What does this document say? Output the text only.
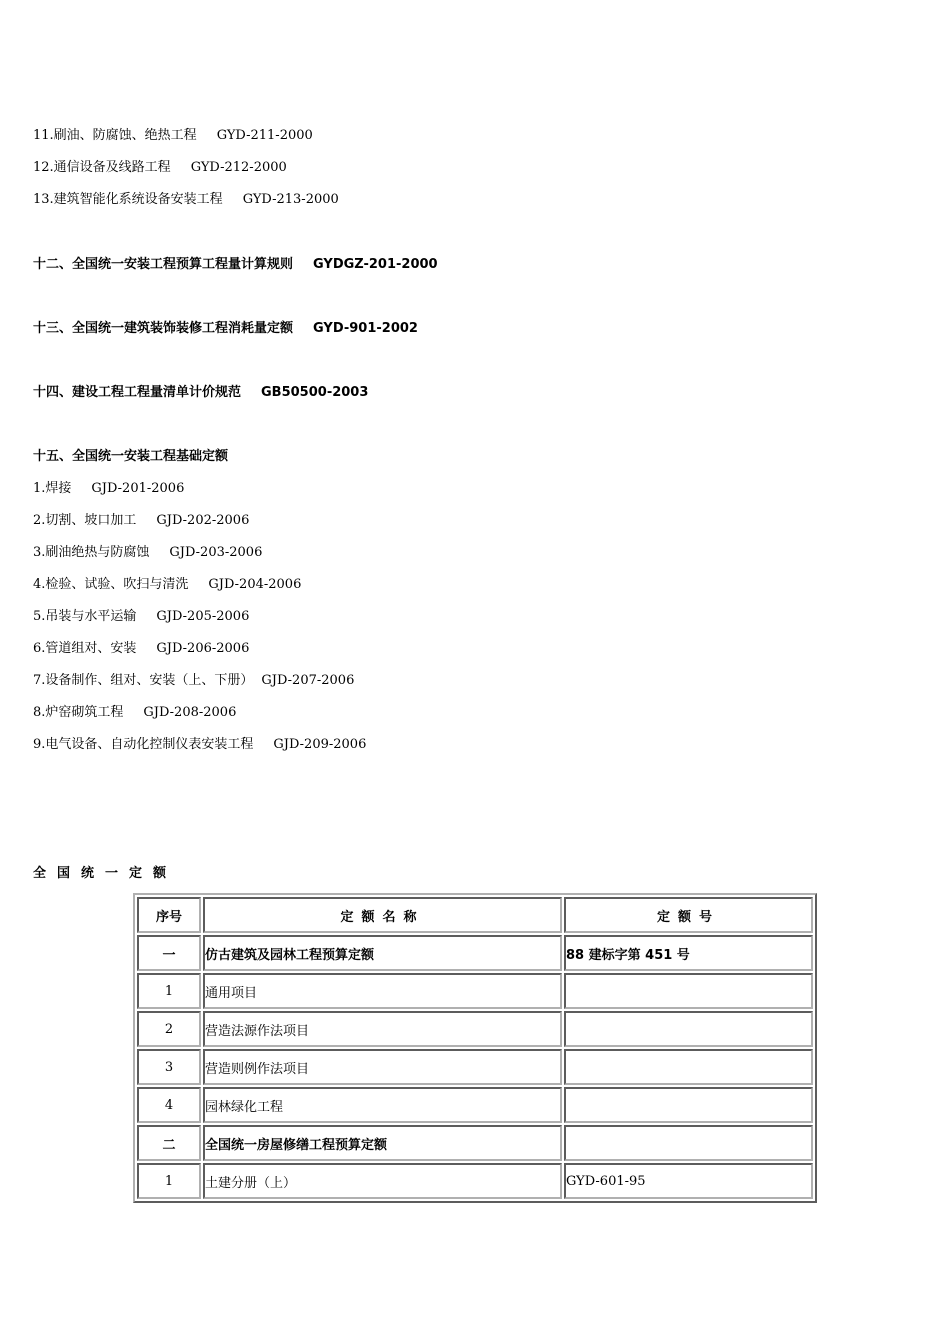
11.刷油、防腐蚀、绝热工程 GYD-211-2000
12.通信设备及线路工程 GYD-212-2000
13.建筑智能化系统设备安装工程 GYD-213-2000
十二、全国统一安装工程预算工程量计算规则 GYDGZ-201-2000
十三、全国统一建筑装饰装修工程消耗量定额 GYD-901-2002
十四、建设工程工程量清单计价规范 GB50500-2003
十五、全国统一安装工程基础定额
1.焊接 GJD-201-2006
2.切割、坡口加工 GJD-202-2006
3.刷油绝热与防腐蚀 GJD-203-2006
4.检验、试验、吹扫与清洗 GJD-204-2006
5.吊装与水平运输 GJD-205-2006
6.管道组对、安装 GJD-206-2006
7.设备制作、组对、安装（上、下册） GJD-207-2006
8.炉窑砌筑工程 GJD-208-2006
9.电气设备、自动化控制仪表安装工程 GJD-209-2006
全国统一定额
序号	定额名称	定额号
一	仿古建筑及园林工程预算定额	88 建标字第 451 号
1	通用项目	
2	营造法源作法项目	
3	营造则例作法项目	
4	园林绿化工程	
二	全国统一房屋修缮工程预算定额	
1	土建分册（上）	GYD-601-95
